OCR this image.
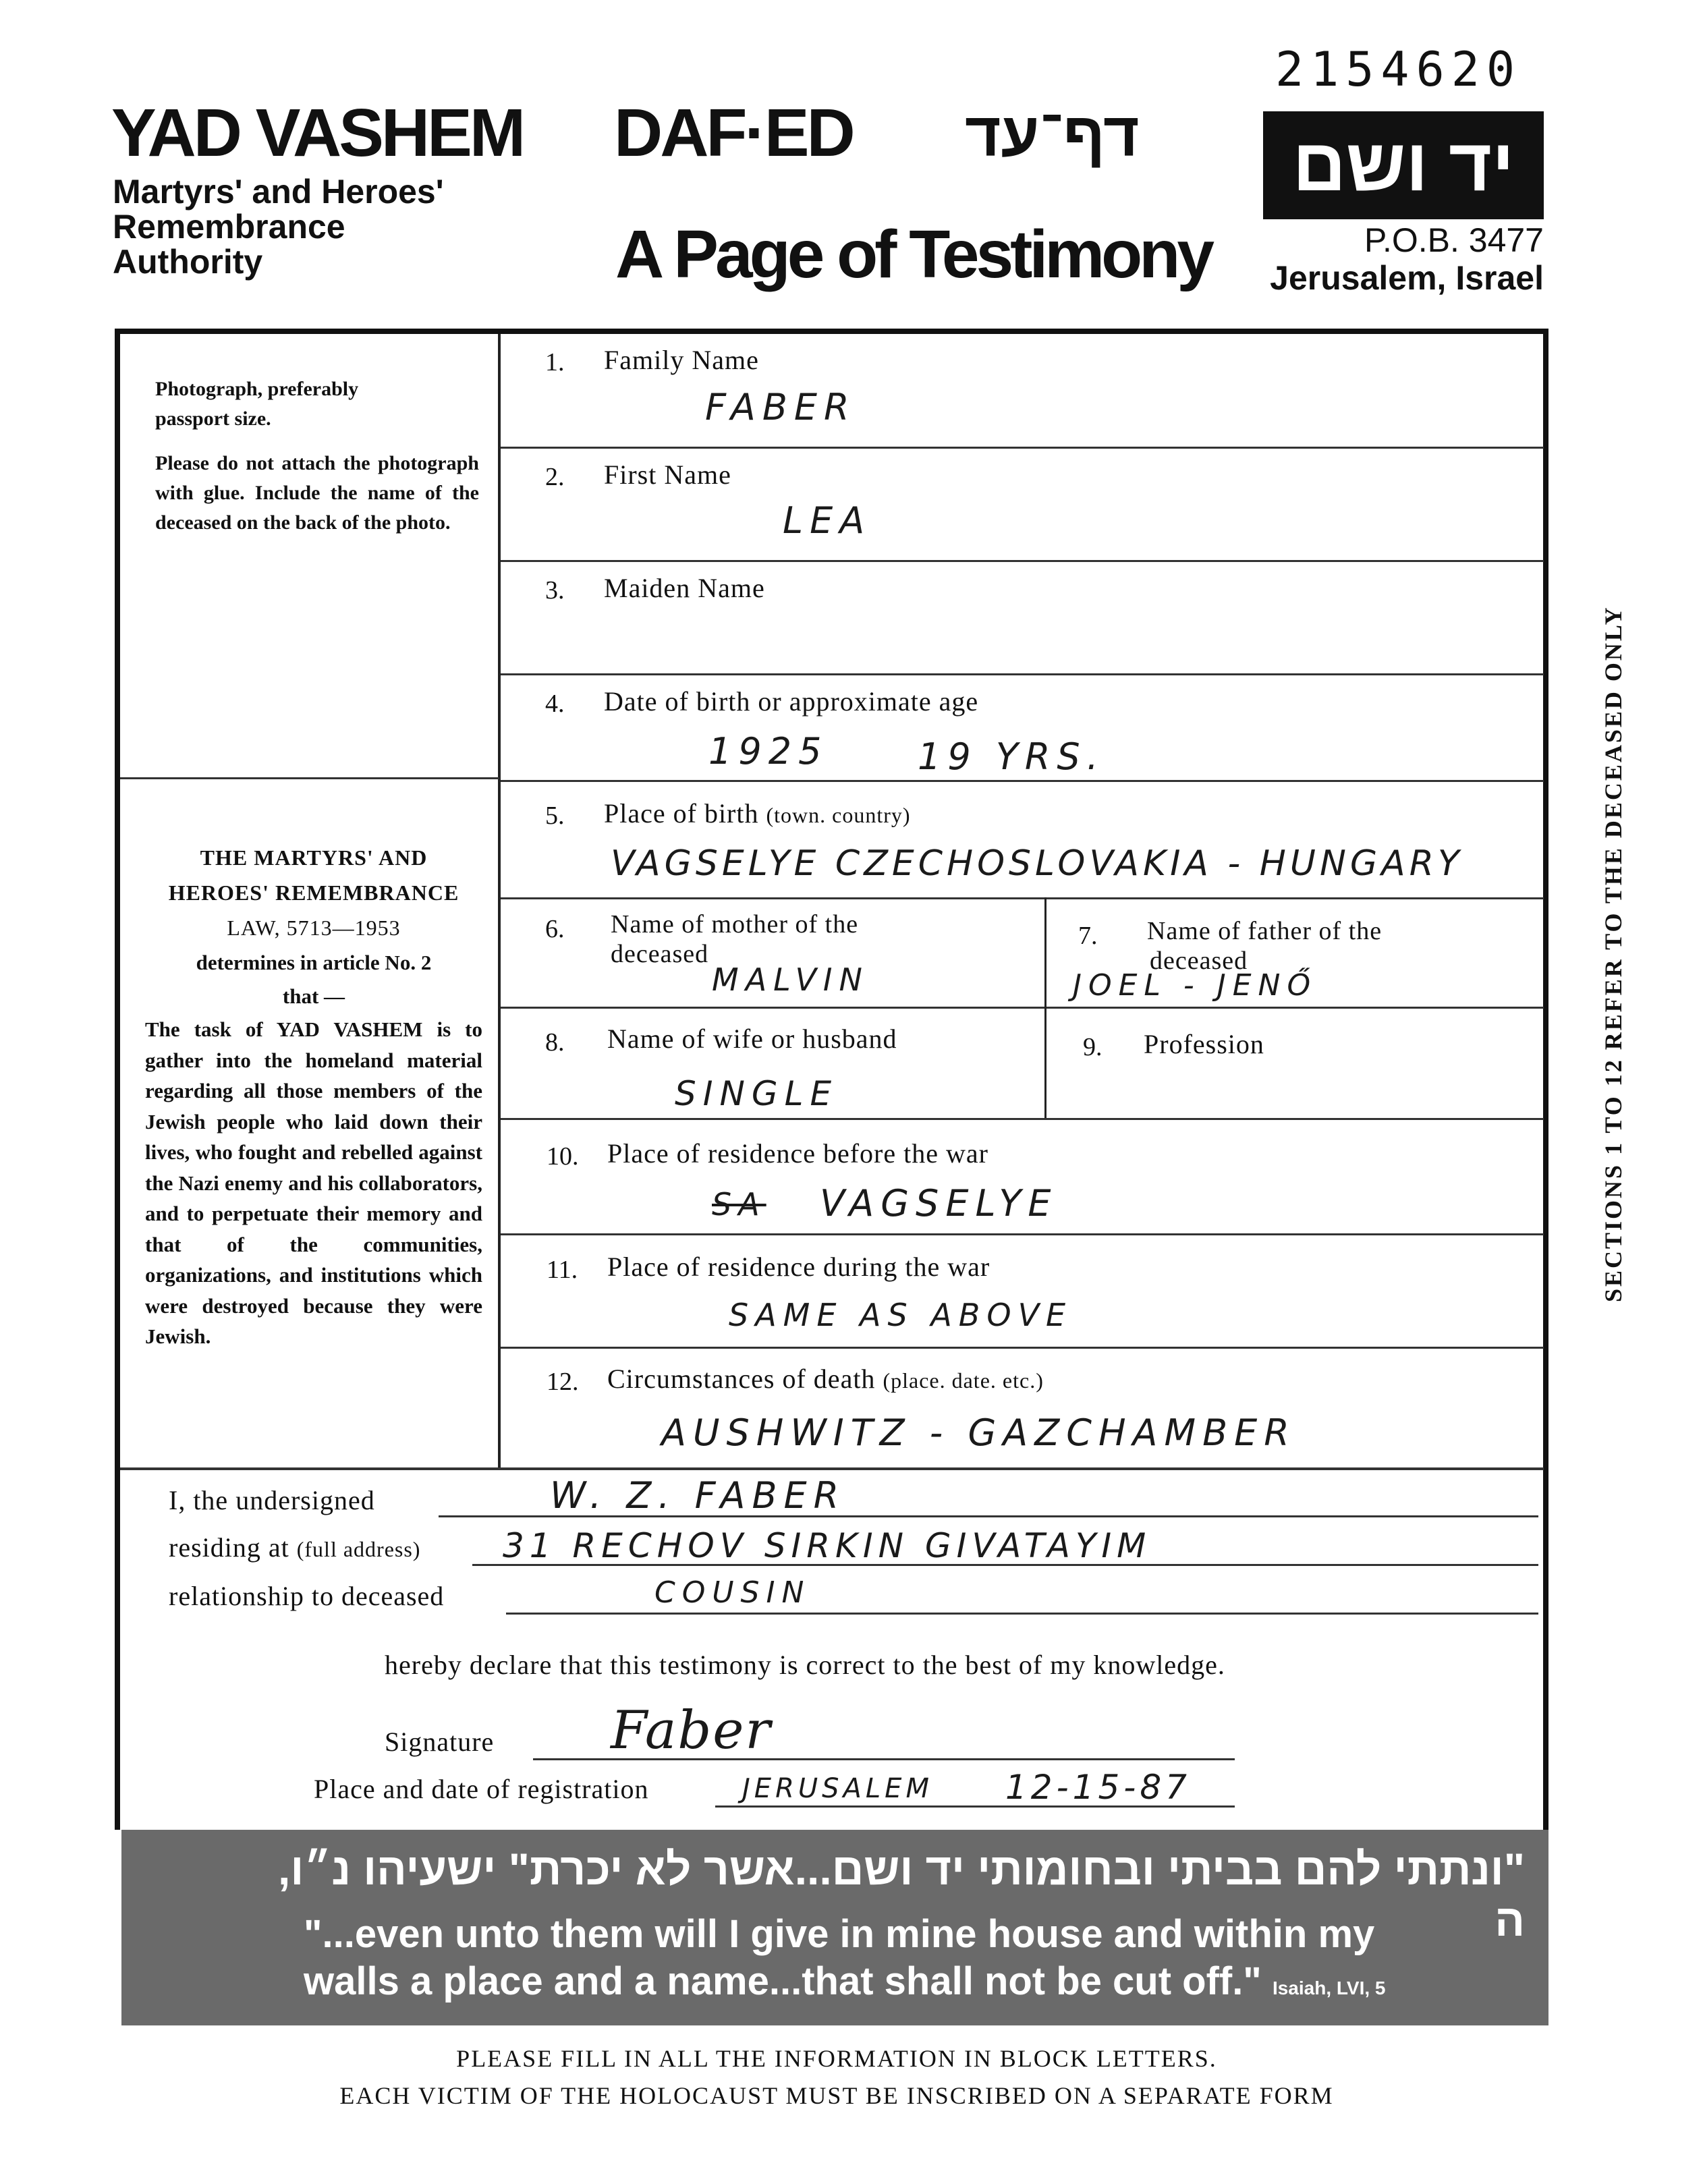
2154620
YAD VASHEM
Martyrs' and Heroes'
Remembrance
Authority
DAF·ED דף־עד
A Page of Testimony
יד ושם
P.O.B. 3477
Jerusalem, Israel
Photograph, preferably passport size.
Please do not attach the photograph with glue. Include the name of the deceased on the back of the photo.
THE MARTYRS' AND
HEROES' REMEMBRANCE
LAW, 5713—1953
determines in article No. 2
that —
The task of YAD VASHEM is to gather into the homeland material regarding all those members of the Jewish people who laid down their lives, who fought and rebelled against the Nazi enemy and his collaborators, and to perpetuate their memory and that of the communities, organizations, and institutions which were destroyed because they were Jewish.
1. Family Name
FABER
2. First Name
LEA
3. Maiden Name
4. Date of birth or approximate age
1925 19 YRS.
5. Place of birth (town. country)
VAGSELYE CZECHOSLOVAKIA - HUNGARY
6. Name of mother of the
deceased
MALVIN
7. Name of father of the
deceased
JOEL - JENŐ
8. Name of wife or husband
SINGLE
9. Profession
10. Place of residence before the war
SA VAGSELYE
11. Place of residence during the war
SAME AS ABOVE
12. Circumstances of death (place. date. etc.)
AUSHWITZ - GAZCHAMBER
SECTIONS 1 TO 12 REFER TO THE DECEASED ONLY
I, the undersigned	W. Z. FABER
residing at (full address) 31 RECHOV SIRKIN GIVATAYIM
relationship to deceased	COUSIN
hereby declare that this testimony is correct to the best of my knowledge.
Signature Faber
Place and date of registration	JERUSALEM 12-15-87
"ונתתי להם בביתי ובחומותי יד ושם...אשר לא יכרת" ישעיהו נ״ו, ה
"...even unto them will I give in mine house and within my
walls a place and a name...that shall not be cut off." Isaiah, LVI, 5
PLEASE FILL IN ALL THE INFORMATION IN BLOCK LETTERS.
EACH VICTIM OF THE HOLOCAUST MUST BE INSCRIBED ON A SEPARATE FORM
